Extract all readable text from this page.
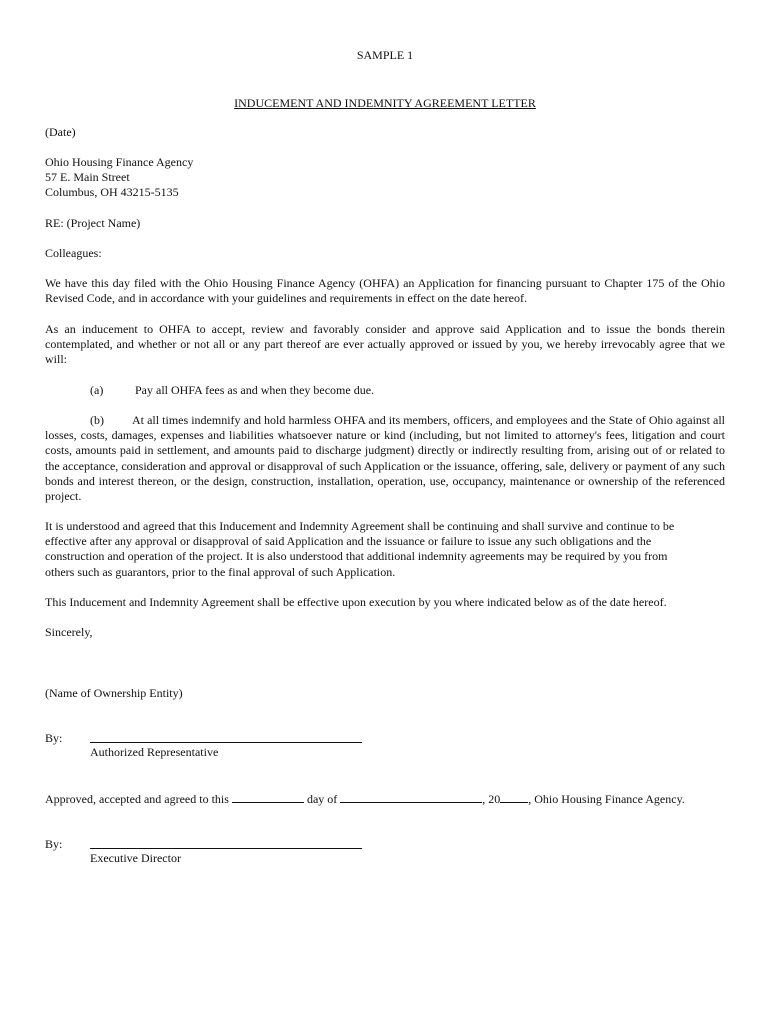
SAMPLE 1
INDUCEMENT AND INDEMNITY AGREEMENT LETTER
(Date)
Ohio Housing Finance Agency
57 E. Main Street
Columbus, OH 43215-5135
RE: (Project Name)
Colleagues:

We have this day filed with the Ohio Housing Finance Agency (OHFA) an Application for financing pursuant to Chapter 175 of the Ohio Revised Code, and in accordance with your guidelines and requirements in effect on the date hereof.

As an inducement to OHFA to accept, review and favorably consider and approve said Application and to issue the bonds therein contemplated, and whether or not all or any part thereof are ever actually approved or issued by you, we hereby irrevocably agree that we will:

(a)	Pay all OHFA fees as and when they become due.

(b) At all times indemnify and hold harmless OHFA and its members, officers, and employees and the State of Ohio against all losses, costs, damages, expenses and liabilities whatsoever nature or kind (including, but not limited to attorney's fees, litigation and court costs, amounts paid in settlement, and amounts paid to discharge judgment) directly or indirectly resulting from, arising out of or related to the acceptance, consideration and approval or disapproval of such Application or the issuance, offering, sale, delivery or payment of any such bonds and interest thereon, or the design, construction, installation, operation, use, occupancy, maintenance or ownership of the referenced project.

It is understood and agreed that this Inducement and Indemnity Agreement shall be continuing and shall survive and continue to be
effective after any approval or disapproval of said Application and the issuance or failure to issue any such obligations and the
construction and operation of the project. It is also understood that additional indemnity agreements may be required by you from
others such as guarantors, prior to the final approval of such Application.
This Inducement and Indemnity Agreement shall be effective upon execution by you where indicated below as of the date hereof.
Sincerely,
(Name of Ownership Entity)
By:
Authorized Representative
Approved, accepted and agreed to this	day of	, 20 , Ohio Housing Finance Agency.
By:
Executive Director
